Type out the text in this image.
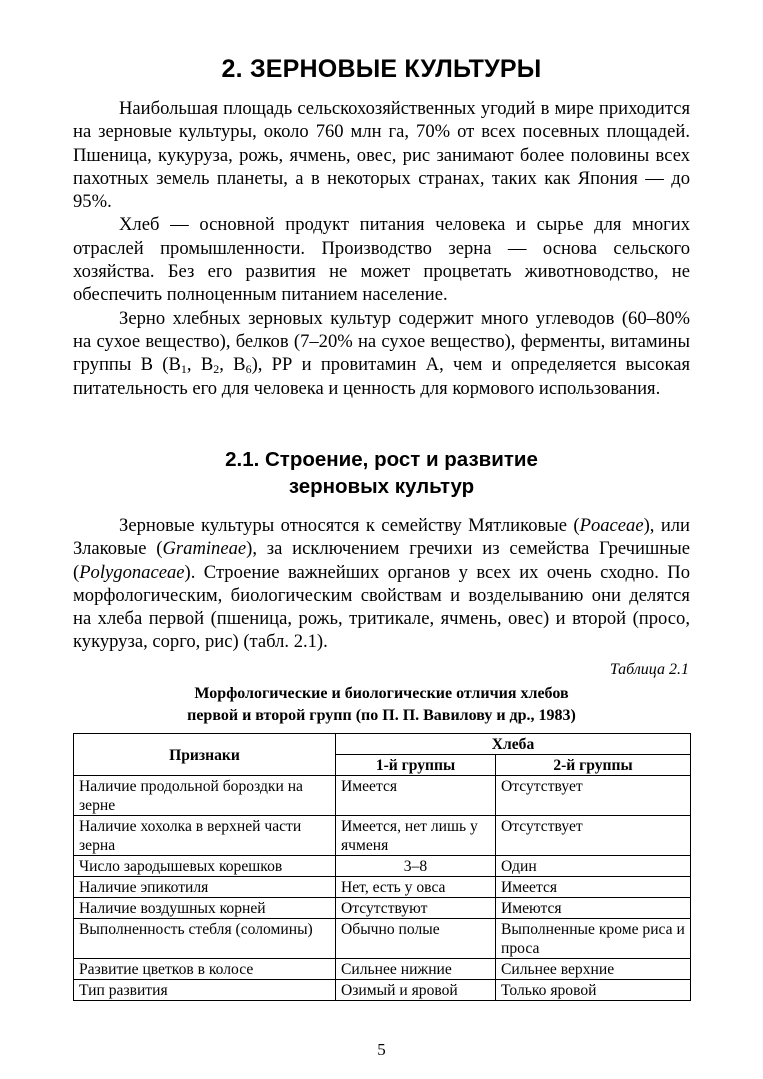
2. ЗЕРНОВЫЕ КУЛЬТУРЫ

Наибольшая площадь сельскохозяйственных угодий в мире приходится на зерновые культуры, около 760 млн га, 70% от всех посевных площадей. Пшеница, кукуруза, рожь, ячмень, овес, рис занимают более половины всех пахотных земель планеты, а в некоторых странах, таких как Япония — до 95%.

Хлеб — основной продукт питания человека и сырье для многих отраслей промышленности. Производство зерна — основа сельского хозяйства. Без его развития не может процветать животноводство, не обеспечить полноценным питанием население.

Зерно хлебных зерновых культур содержит много углеводов (60–80% на сухое вещество), белков (7–20% на сухое вещество), ферменты, витамины группы В ($В_1$, $В_2$, $В_6$), РР и провитамин А, чем и определяется высокая питательность его для человека и ценность для кормового использования.

2.1. Строение, рост и развитие
зерновых культур

Зерновые культуры относятся к семейству Мятликовые (Poaceae), или Злаковые (Gramineae), за исключением гречихи из семейства Гречишные (Polygonaceae). Строение важнейших органов у всех их очень сходно. По морфологическим, биологическим свойствам и возделыванию они делятся на хлеба первой (пшеница, рожь, тритикале, ячмень, овес) и второй (просо, кукуруза, сорго, рис) (табл. 2.1).

Таблица 2.1
Морфологические и биологические отличия хлебов
первой и второй групп (по П. П. Вавилову и др., 1983)
Признаки	Хлеба	
	1-й группы	2-й группы
Наличие продольной бороздки на зерне	Имеется	Отсутствует
Наличие хохолка в верхней части зерна	Имеется, нет лишь у ячменя	Отсутствует
Число зародышевых корешков	3–8	Один
Наличие эпикотиля	Нет, есть у овса	Имеется
Наличие воздушных корней	Отсутствуют	Имеются
Выполненность стебля (соломины)	Обычно полые	Выполненные кроме риса и проса
Развитие цветков в колосе	Сильнее нижние	Сильнее верхние
Тип развития	Озимый и яровой	Только яровой
5
